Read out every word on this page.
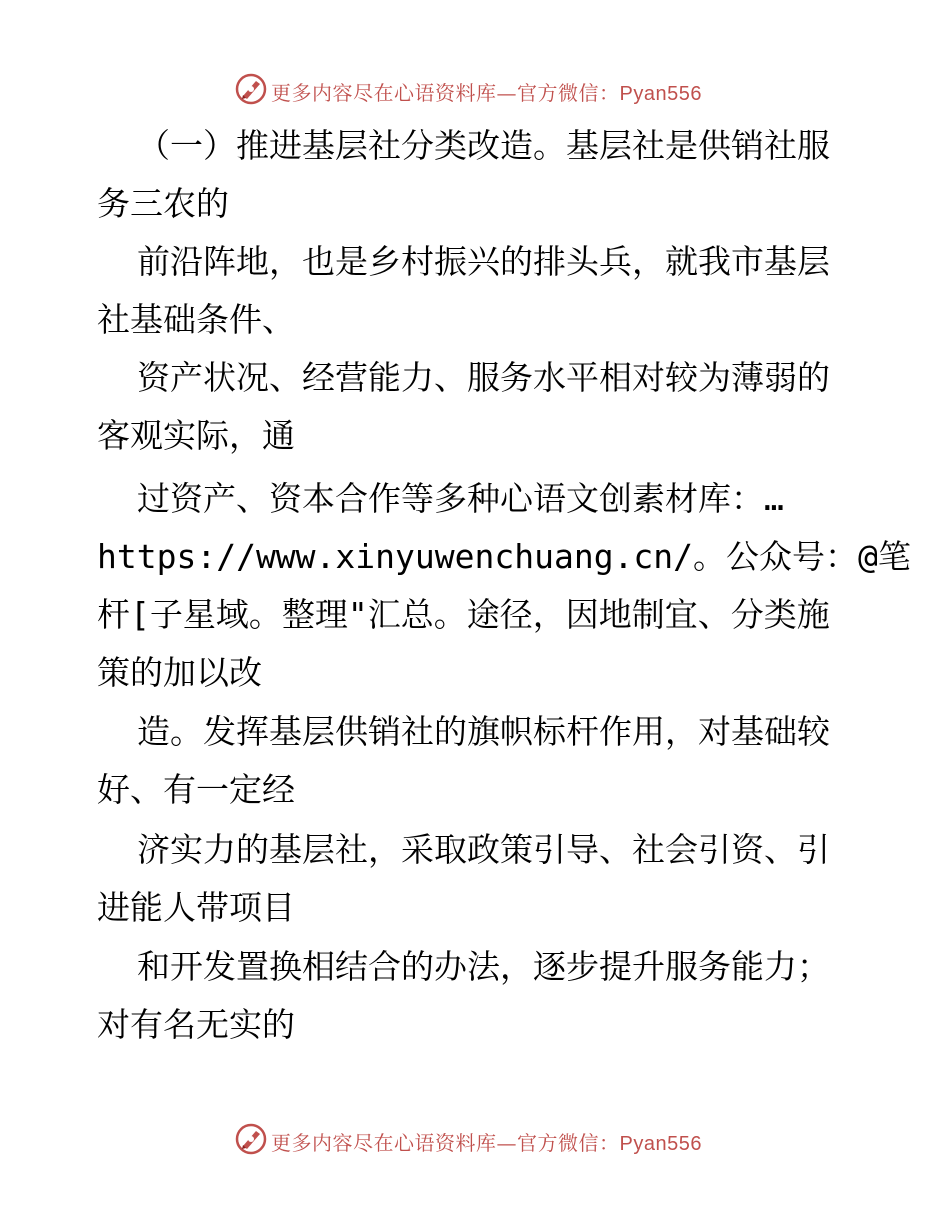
更多内容尽在心语资料库—官方微信：Pyan556
（一）推进基层社分类改造。基层社是供销社服
务三农的
前沿阵地，也是乡村振兴的排头兵，就我市基层
社基础条件、
资产状况、经营能力、服务水平相对较为薄弱的
客观实际，通
过资产、资本合作等多种心语文创素材库：…
https://www.xinyuwenchuang.cn/。公众号：@笔
杆[子星域。整理"汇总。途径，因地制宜、分类施
策的加以改
造。发挥基层供销社的旗帜标杆作用，对基础较
好、有一定经
济实力的基层社，采取政策引导、社会引资、引
进能人带项目
和开发置换相结合的办法，逐步提升服务能力；
对有名无实的
更多内容尽在心语资料库—官方微信：Pyan556
